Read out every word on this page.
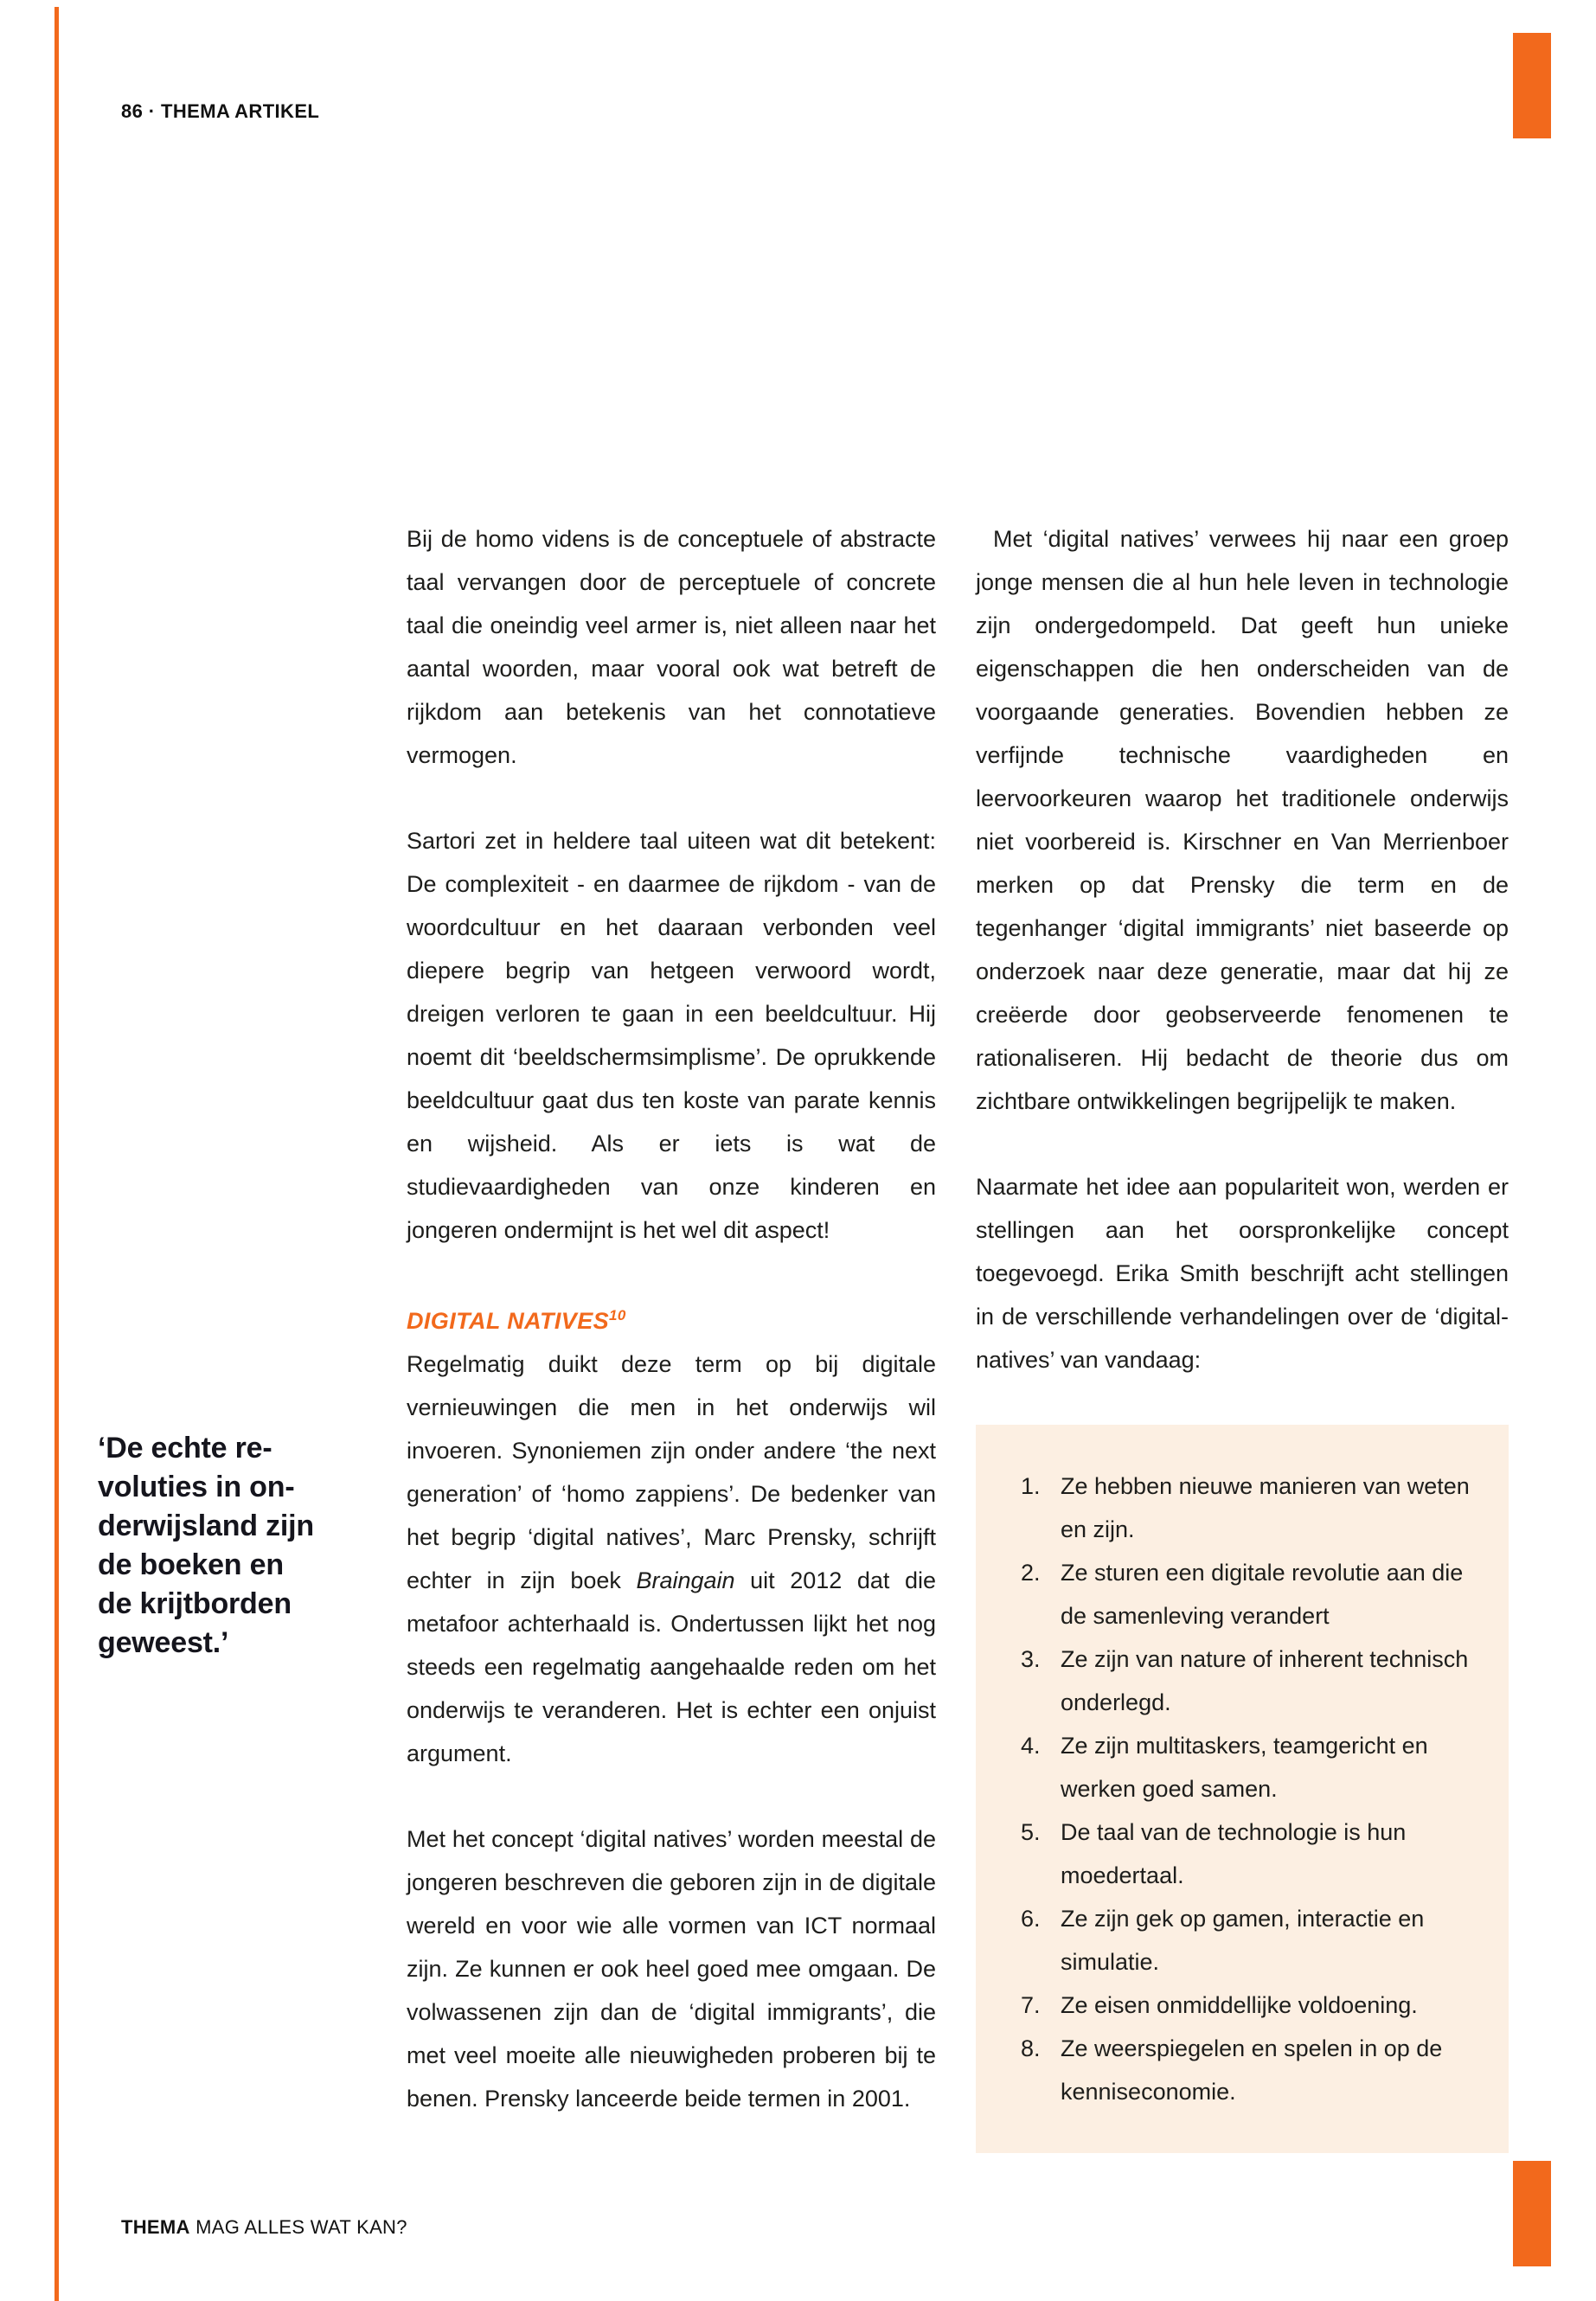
86 · THEMA ARTIKEL
‘De echte re-
voluties in on-
derwijsland zijn
de boeken en
de krijtborden
geweest.’

Bij de homo videns is de conceptuele of abstracte taal vervangen door de perceptuele of concrete taal die oneindig veel armer is, niet alleen naar het aantal woorden, maar vooral ook wat betreft de rijkdom aan betekenis van het connotatieve vermogen.

Sartori zet in heldere taal uiteen wat dit betekent: De complexiteit - en daarmee de rijkdom - van de woordcultuur en het daaraan verbonden veel diepere begrip van hetgeen verwoord wordt, dreigen verloren te gaan in een beeldcultuur. Hij noemt dit ‘beeldschermsimplisme’. De oprukkende beeldcultuur gaat dus ten koste van parate kennis en wijsheid. Als er iets is wat de studievaardigheden van onze kinderen en jongeren ondermijnt is het wel dit aspect!

DIGITAL NATIVES$^{10}$

Regelmatig duikt deze term op bij digitale vernieuwingen die men in het onderwijs wil invoeren. Synoniemen zijn onder andere ‘the next generation’ of ‘homo zappiens’. De bedenker van het begrip ‘digital natives’, Marc Prensky, schrijft echter in zijn boek Braingain uit 2012 dat die metafoor achterhaald is. Ondertussen lijkt het nog steeds een regelmatig aangehaalde reden om het onderwijs te veranderen. Het is echter een onjuist argument.

Met het concept ‘digital natives’ worden meestal de jongeren beschreven die geboren zijn in de digitale wereld en voor wie alle vormen van ICT normaal zijn. Ze kunnen er ook heel goed mee omgaan. De volwassenen zijn dan de ‘digital immigrants’, die met veel moeite alle nieuwigheden proberen bij te benen. Prensky lanceerde beide termen in 2001.

Met ‘digital natives’ verwees hij naar een groep jonge mensen die al hun hele leven in technologie zijn ondergedompeld. Dat geeft hun unieke eigenschappen die hen onderscheiden van de voorgaande generaties. Bovendien hebben ze verfijnde technische vaardigheden en leervoorkeuren waarop het traditionele onderwijs niet voorbereid is. Kirschner en Van Merrienboer merken op dat Prensky die term en de tegenhanger ‘digital immigrants’ niet baseerde op onderzoek naar deze generatie, maar dat hij ze creëerde door geobserveerde fenomenen te rationaliseren. Hij bedacht de theorie dus om zichtbare ontwikkelingen begrijpelijk te maken.

Naarmate het idee aan populariteit won, werden er stellingen aan het oorspronkelijke concept toegevoegd. Erika Smith beschrijft acht stellingen in de verschillende verhandelingen over de ‘digital-natives’ van vandaag:

1. Ze hebben nieuwe manieren van weten en zijn.
2. Ze sturen een digitale revolutie aan die de samenleving verandert
3. Ze zijn van nature of inherent technisch onderlegd.
4. Ze zijn multitaskers, teamgericht en werken goed samen.
5. De taal van de technologie is hun moedertaal.
6. Ze zijn gek op gamen, interactie en simulatie.
7. Ze eisen onmiddellijke voldoening.
8. Ze weerspiegelen en spelen in op de kenniseconomie.
THEMA MAG ALLES WAT KAN?
